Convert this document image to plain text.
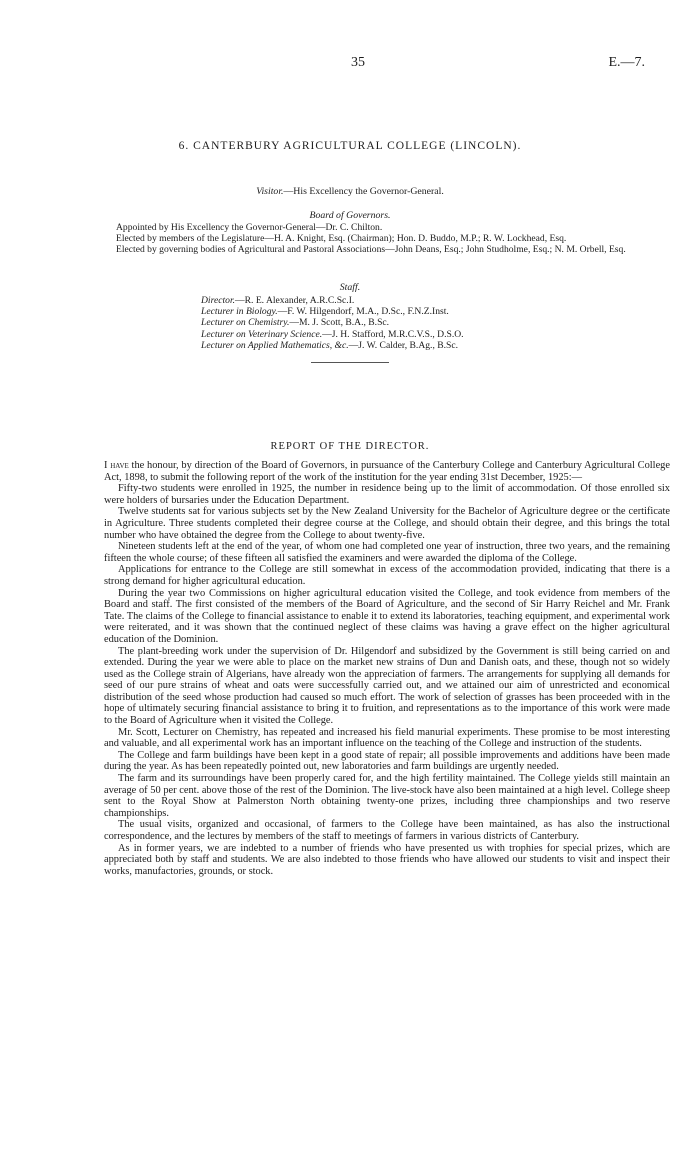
35	E.—7.
6. CANTERBURY AGRICULTURAL COLLEGE (LINCOLN).
Visitor.—His Excellency the Governor-General.
Board of Governors.

Appointed by His Excellency the Governor-General—Dr. C. Chilton.

Elected by members of the Legislature—H. A. Knight, Esq. (Chairman); Hon. D. Buddo, M.P.; R. W. Lockhead, Esq.

Elected by governing bodies of Agricultural and Pastoral Associations—John Deans, Esq.; John Studholme, Esq.; N. M. Orbell, Esq.

Staff.
Director.—R. E. Alexander, A.R.C.Sc.I.
Lecturer in Biology.—F. W. Hilgendorf, M.A., D.Sc., F.N.Z.Inst.
Lecturer on Chemistry.—M. J. Scott, B.A., B.Sc.
Lecturer on Veterinary Science.—J. H. Stafford, M.R.C.V.S., D.S.O.
Lecturer on Applied Mathematics, &c.—J. W. Calder, B.Ag., B.Sc.
REPORT OF THE DIRECTOR.

I have the honour, by direction of the Board of Governors, in pursuance of the Canterbury College and Canterbury Agricultural College Act, 1898, to submit the following report of the work of the institution for the year ending 31st December, 1925:—

Fifty-two students were enrolled in 1925, the number in residence being up to the limit of accommodation. Of those enrolled six were holders of bursaries under the Education Department.

Twelve students sat for various subjects set by the New Zealand University for the Bachelor of Agriculture degree or the certificate in Agriculture. Three students completed their degree course at the College, and should obtain their degree, and this brings the total number who have obtained the degree from the College to about twenty-five.

Nineteen students left at the end of the year, of whom one had completed one year of instruction, three two years, and the remaining fifteen the whole course; of these fifteen all satisfied the examiners and were awarded the diploma of the College.

Applications for entrance to the College are still somewhat in excess of the accommodation provided, indicating that there is a strong demand for higher agricultural education.

During the year two Commissions on higher agricultural education visited the College, and took evidence from members of the Board and staff. The first consisted of the members of the Board of Agriculture, and the second of Sir Harry Reichel and Mr. Frank Tate. The claims of the College to financial assistance to enable it to extend its laboratories, teaching equipment, and experimental work were reiterated, and it was shown that the continued neglect of these claims was having a grave effect on the higher agricultural education of the Dominion.

The plant-breeding work under the supervision of Dr. Hilgendorf and subsidized by the Government is still being carried on and extended. During the year we were able to place on the market new strains of Dun and Danish oats, and these, though not so widely used as the College strain of Algerians, have already won the appreciation of farmers. The arrangements for supplying all demands for seed of our pure strains of wheat and oats were successfully carried out, and we attained our aim of unrestricted and economical distribution of the seed whose production had caused so much effort. The work of selection of grasses has been proceeded with in the hope of ultimately securing financial assistance to bring it to fruition, and representations as to the importance of this work were made to the Board of Agriculture when it visited the College.

Mr. Scott, Lecturer on Chemistry, has repeated and increased his field manurial experiments. These promise to be most interesting and valuable, and all experimental work has an important influence on the teaching of the College and instruction of the students.

The College and farm buildings have been kept in a good state of repair; all possible improvements and additions have been made during the year. As has been repeatedly pointed out, new laboratories and farm buildings are urgently needed.

The farm and its surroundings have been properly cared for, and the high fertility maintained. The College yields still maintain an average of 50 per cent. above those of the rest of the Dominion. The live-stock have also been maintained at a high level. College sheep sent to the Royal Show at Palmerston North obtaining twenty-one prizes, including three championships and two reserve championships.

The usual visits, organized and occasional, of farmers to the College have been maintained, as has also the instructional correspondence, and the lectures by members of the staff to meetings of farmers in various districts of Canterbury.

As in former years, we are indebted to a number of friends who have presented us with trophies for special prizes, which are appreciated both by staff and students. We are also indebted to those friends who have allowed our students to visit and inspect their works, manufactories, grounds, or stock.
